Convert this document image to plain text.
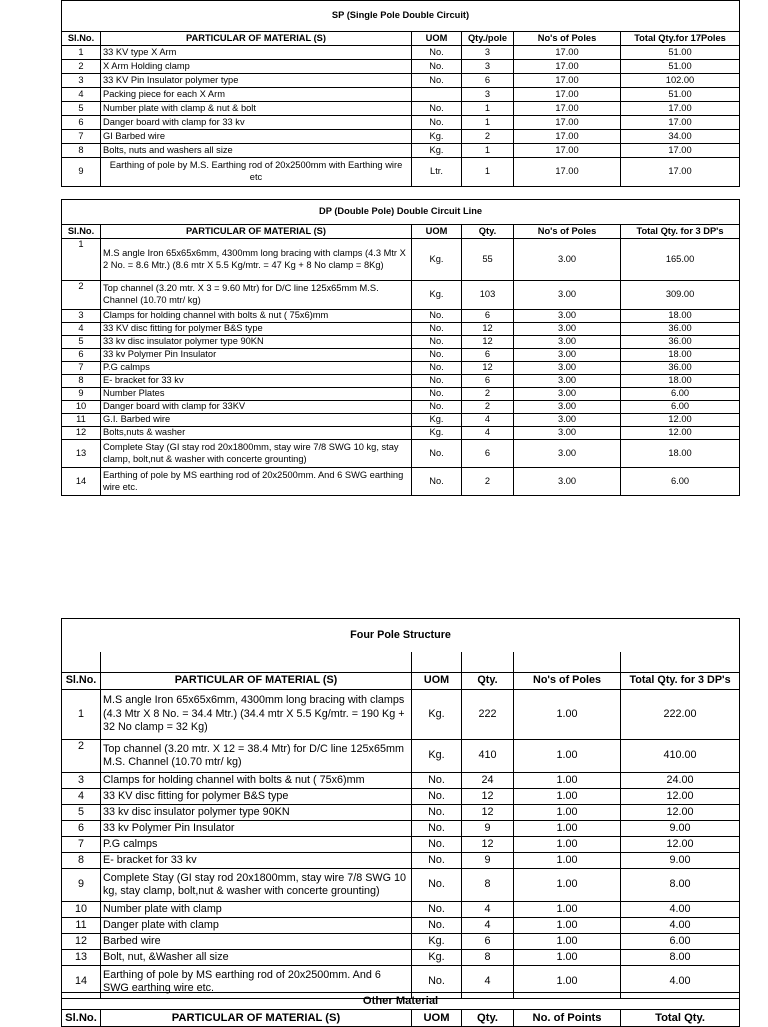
SP (Single Pole Double Circuit)					
Sl.No.	PARTICULAR OF MATERIAL (S)	UOM	Qty./pole	No's of Poles	Total Qty.for 17Poles
1	33 KV type X Arm	No.	3	17.00	51.00
2	X Arm Holding clamp	No.	3	17.00	51.00
3	33 KV Pin Insulator polymer type	No.	6	17.00	102.00
4	Packing piece for each X Arm		3	17.00	51.00
5	Number plate with clamp & nut & bolt	No.	1	17.00	17.00
6	Danger board with clamp for 33 kv	No.	1	17.00	17.00
7	GI Barbed wire	Kg.	2	17.00	34.00
8	Bolts, nuts and washers all size	Kg.	1	17.00	17.00
9	Earthing of pole by M.S. Earthing rod of 20x2500mm with Earthing wire etc	Ltr.	1	17.00	17.00
DP (Double Pole) Double Circuit Line					
Sl.No.	PARTICULAR OF MATERIAL (S)	UOM	Qty.	No's of Poles	Total Qty. for 3 DP's
1	M.S angle Iron 65x65x6mm, 4300mm long bracing with clamps (4.3 Mtr X 2 No. = 8.6 Mtr.) (8.6 mtr X 5.5 Kg/mtr. = 47 Kg + 8 No clamp = 8Kg)	Kg.	55	3.00	165.00
2	Top channel (3.20 mtr. X 3 = 9.60 Mtr) for D/C line 125x65mm M.S. Channel (10.70 mtr/ kg)	Kg.	103	3.00	309.00
3	Clamps for holding channel with bolts & nut ( 75x6)mm	No.	6	3.00	18.00
4	33 KV disc fitting for polymer B&S type	No.	12	3.00	36.00
5	33 kv disc insulator polymer type 90KN	No.	12	3.00	36.00
6	33 kv Polymer Pin Insulator	No.	6	3.00	18.00
7	P.G calmps	No.	12	3.00	36.00
8	E- bracket for 33 kv	No.	6	3.00	18.00
9	Number Plates	No.	2	3.00	6.00
10	Danger board with clamp for 33KV	No.	2	3.00	6.00
11	G.I. Barbed wire	Kg.	4	3.00	12.00
12	Bolts,nuts & washer	Kg.	4	3.00	12.00
13	Complete Stay (GI stay rod 20x1800mm, stay wire 7/8 SWG 10 kg, stay clamp, bolt,nut & washer with concerte grounting)	No.	6	3.00	18.00
14	Earthing of pole by MS earthing rod of 20x2500mm. And 6 SWG earthing wire etc.	No.	2	3.00	6.00
Four Pole Structure					

Sl.No.	PARTICULAR OF MATERIAL (S)	UOM	Qty.	No's of Poles	Total Qty. for 3 DP's
1	M.S angle Iron 65x65x6mm, 4300mm long bracing with clamps (4.3 Mtr X 8 No. = 34.4 Mtr.) (34.4 mtr X 5.5 Kg/mtr. = 190 Kg + 32 No clamp = 32 Kg)	Kg.	222	1.00	222.00
2	Top channel (3.20 mtr. X 12 = 38.4 Mtr) for D/C line 125x65mm M.S. Channel (10.70 mtr/ kg)	Kg.	410	1.00	410.00
3	Clamps for holding channel with bolts & nut ( 75x6)mm	No.	24	1.00	24.00
4	33 KV disc fitting for polymer B&S type	No.	12	1.00	12.00
5	33 kv disc insulator polymer type 90KN	No.	12	1.00	12.00
6	33 kv Polymer Pin Insulator	No.	9	1.00	9.00
7	P.G calmps	No.	12	1.00	12.00
8	E- bracket for 33 kv	No.	9	1.00	9.00
9	Complete Stay (GI stay rod 20x1800mm, stay wire 7/8 SWG 10 kg, stay clamp, bolt,nut & washer with concerte grounting)	No.	8	1.00	8.00
10	Number plate with clamp	No.	4	1.00	4.00
11	Danger plate with clamp	No.	4	1.00	4.00
12	Barbed wire	Kg.	6	1.00	6.00
13	Bolt, nut, &Washer all size	Kg.	8	1.00	8.00
14	Earthing of pole by MS earthing rod of 20x2500mm. And 6 SWG earthing wire etc.	No.	4	1.00	4.00
Other Material
Sl.No.	PARTICULAR OF MATERIAL (S)	UOM	Qty.	No. of Points	Total Qty.
